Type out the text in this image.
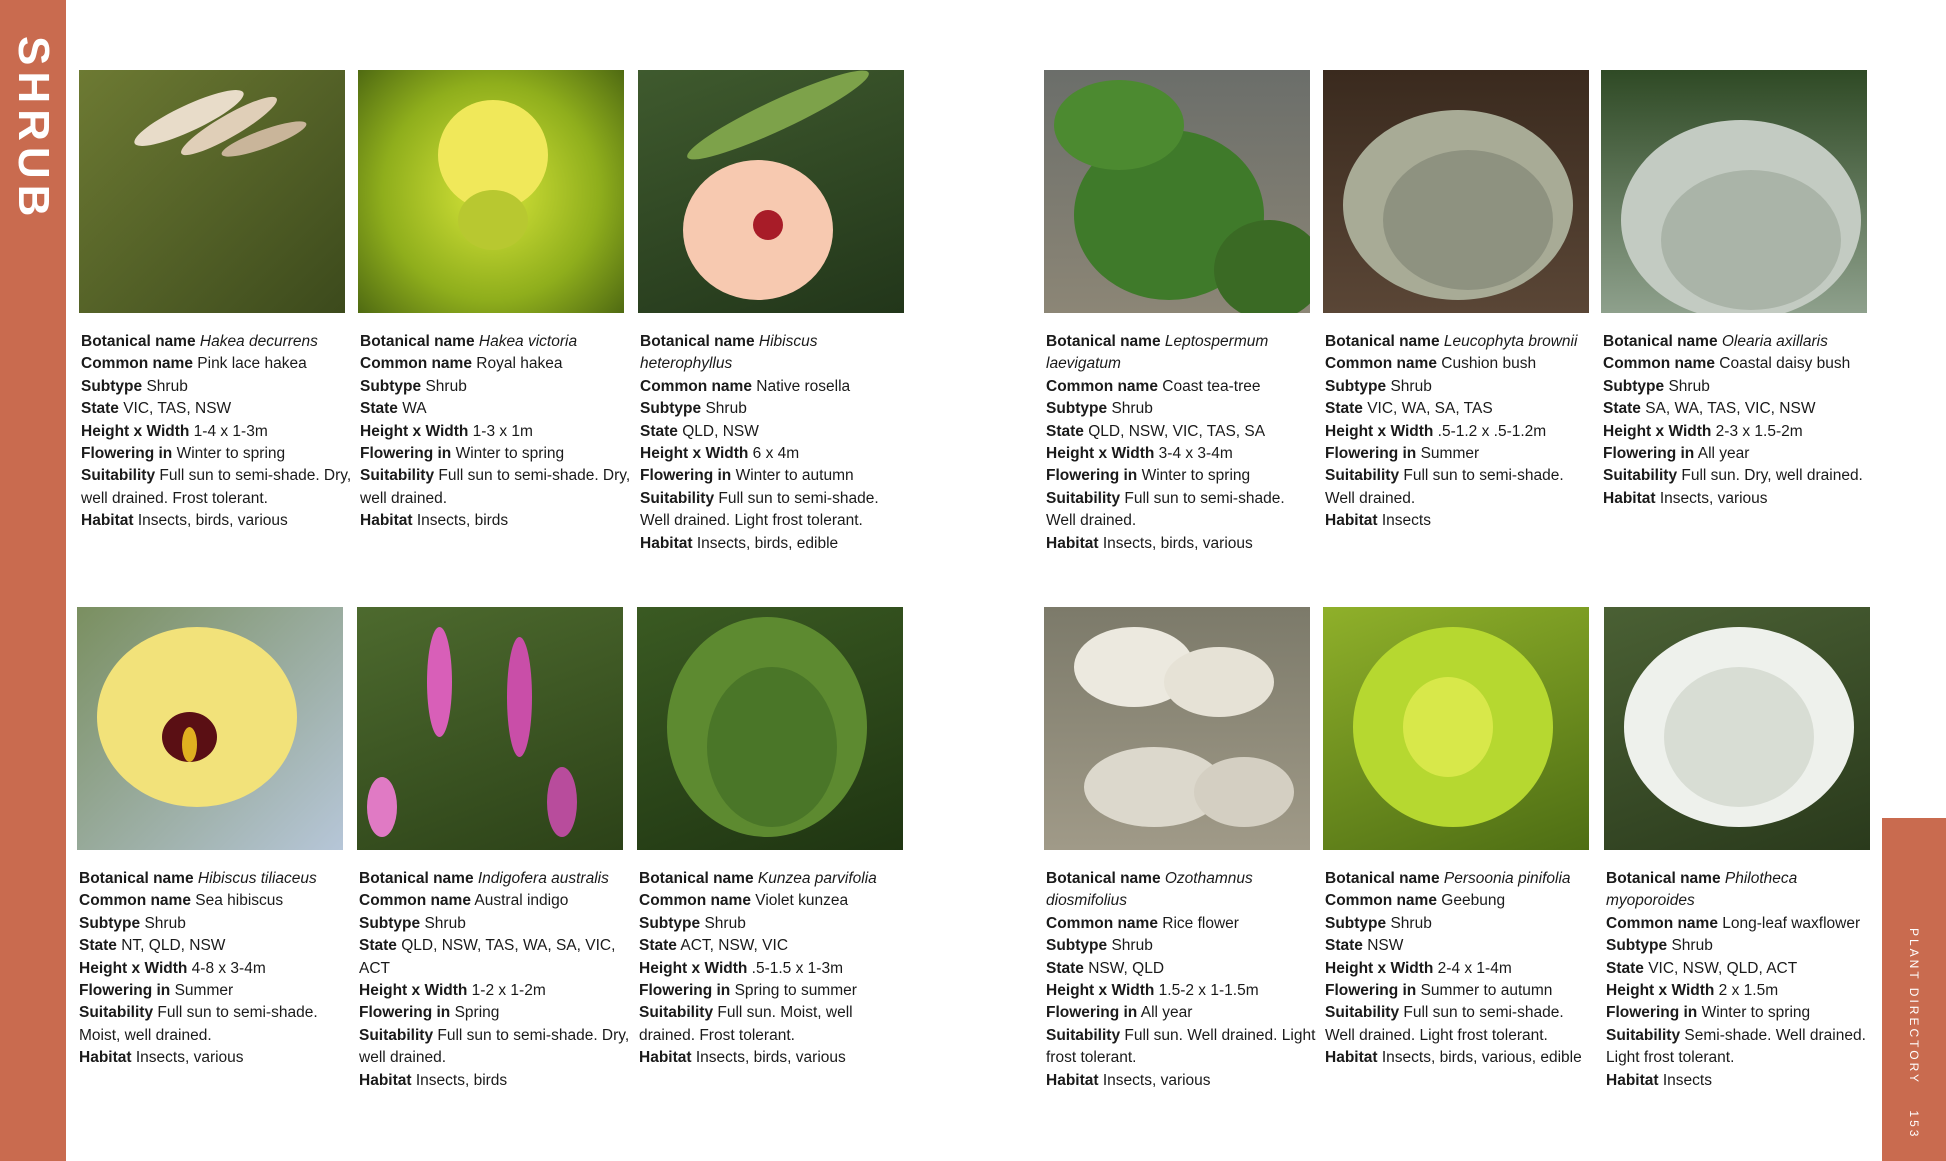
SHRUB
PLANT DIRECTORY    153
Botanical name Hakea decurrens
Common name Pink lace hakea
Subtype Shrub
State VIC, TAS, NSW
Height x Width 1-4 x 1-3m
Flowering in Winter to spring
Suitability Full sun to semi-shade. Dry, well drained. Frost tolerant.
Habitat Insects, birds, various
Botanical name Hakea victoria
Common name Royal hakea
Subtype Shrub
State WA
Height x Width 1-3 x 1m
Flowering in Winter to spring
Suitability Full sun to semi-shade. Dry, well drained.
Habitat Insects, birds
Botanical name Hibiscus heterophyllus
Common name Native rosella
Subtype Shrub
State QLD, NSW
Height x Width 6 x 4m
Flowering in Winter to autumn
Suitability Full sun to semi-shade. Well drained. Light frost tolerant.
Habitat Insects, birds, edible
Botanical name Leptospermum laevigatum
Common name Coast tea-tree
Subtype Shrub
State QLD, NSW, VIC, TAS, SA
Height x Width 3-4 x 3-4m
Flowering in Winter to spring
Suitability Full sun to semi-shade. Well drained.
Habitat Insects, birds, various
Botanical name Leucophyta brownii
Common name Cushion bush
Subtype Shrub
State VIC, WA, SA, TAS
Height x Width .5-1.2 x .5-1.2m
Flowering in Summer
Suitability Full sun to semi-shade. Well drained.
Habitat Insects
Botanical name Olearia axillaris
Common name Coastal daisy bush
Subtype Shrub
State SA, WA, TAS, VIC, NSW
Height x Width 2-3 x 1.5-2m
Flowering in All year
Suitability Full sun. Dry, well drained.
Habitat Insects, various
Botanical name Hibiscus tiliaceus
Common name Sea hibiscus
Subtype Shrub
State NT, QLD, NSW
Height x Width 4-8 x 3-4m
Flowering in Summer
Suitability Full sun to semi-shade. Moist, well drained.
Habitat Insects, various
Botanical name Indigofera australis
Common name Austral indigo
Subtype Shrub
State QLD, NSW, TAS, WA, SA, VIC, ACT
Height x Width 1-2 x 1-2m
Flowering in Spring
Suitability Full sun to semi-shade. Dry, well drained.
Habitat Insects, birds
Botanical name Kunzea parvifolia
Common name Violet kunzea
Subtype Shrub
State ACT, NSW, VIC
Height x Width .5-1.5 x 1-3m
Flowering in Spring to summer
Suitability Full sun. Moist, well drained. Frost tolerant.
Habitat Insects, birds, various
Botanical name Ozothamnus diosmifolius
Common name Rice flower
Subtype Shrub
State NSW, QLD
Height x Width 1.5-2 x 1-1.5m
Flowering in All year
Suitability Full sun. Well drained. Light frost tolerant.
Habitat Insects, various
Botanical name Persoonia pinifolia
Common name Geebung
Subtype Shrub
State NSW
Height x Width 2-4 x 1-4m
Flowering in Summer to autumn
Suitability Full sun to semi-shade. Well drained. Light frost tolerant.
Habitat Insects, birds, various, edible
Botanical name Philotheca myoporoides
Common name Long-leaf waxflower
Subtype Shrub
State VIC, NSW, QLD, ACT
Height x Width 2 x 1.5m
Flowering in Winter to spring
Suitability Semi-shade. Well drained. Light frost tolerant.
Habitat Insects
